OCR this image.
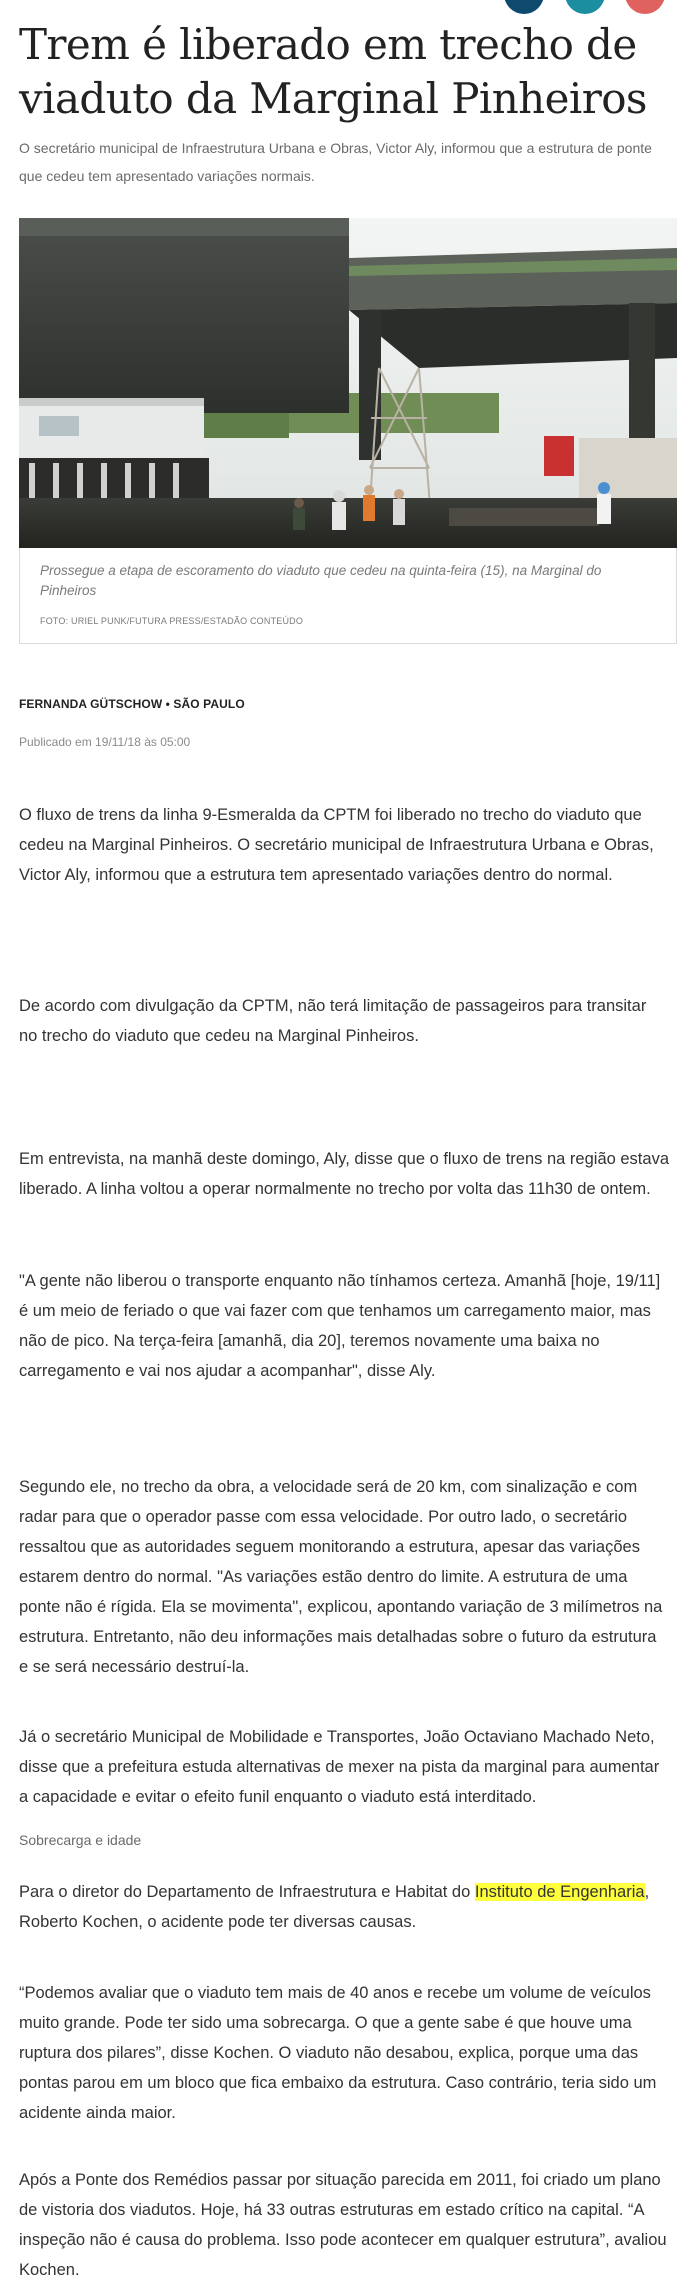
Trem é liberado em trecho de viaduto da Marginal Pinheiros

O secretário municipal de Infraestrutura Urbana e Obras, Victor Aly, informou que a estrutura de ponte que cedeu tem apresentado variações normais.

Prossegue a etapa de escoramento do viaduto que cedeu na quinta-feira (15), na Marginal do Pinheiros

FOTO: URIEL PUNK/FUTURA PRESS/ESTADÃO CONTEÚDO

FERNANDA GÜTSCHOW • SÃO PAULO

Publicado em 19/11/18 às 05:00

O fluxo de trens da linha 9-Esmeralda da CPTM foi liberado no trecho do viaduto que cedeu na Marginal Pinheiros. O secretário municipal de Infraestrutura Urbana e Obras, Victor Aly, informou que a estrutura tem apresentado variações dentro do normal.

De acordo com divulgação da CPTM, não terá limitação de passageiros para transitar no trecho do viaduto que cedeu na Marginal Pinheiros.

Em entrevista, na manhã deste domingo, Aly, disse que o fluxo de trens na região estava liberado. A linha voltou a operar normalmente no trecho por volta das 11h30 de ontem.

"A gente não liberou o transporte enquanto não tínhamos certeza. Amanhã [hoje, 19/11] é um meio de feriado o que vai fazer com que tenhamos um carregamento maior, mas não de pico. Na terça-feira [amanhã, dia 20], teremos novamente uma baixa no carregamento e vai nos ajudar a acompanhar", disse Aly.

Segundo ele, no trecho da obra, a velocidade será de 20 km, com sinalização e com radar para que o operador passe com essa velocidade. Por outro lado, o secretário ressaltou que as autoridades seguem monitorando a estrutura, apesar das variações estarem dentro do normal. "As variações estão dentro do limite. A estrutura de uma ponte não é rígida. Ela se movimenta", explicou, apontando variação de 3 milímetros na estrutura. Entretanto, não deu informações mais detalhadas sobre o futuro da estrutura e se será necessário destruí-la.

Já o secretário Municipal de Mobilidade e Transportes, João Octaviano Machado Neto, disse que a prefeitura estuda alternativas de mexer na pista da marginal para aumentar a capacidade e evitar o efeito funil enquanto o viaduto está interditado.

Sobrecarga e idade

Para o diretor do Departamento de Infraestrutura e Habitat do Instituto de Engenharia, Roberto Kochen, o acidente pode ter diversas causas.

“Podemos avaliar que o viaduto tem mais de 40 anos e recebe um volume de veículos muito grande. Pode ter sido uma sobrecarga. O que a gente sabe é que houve uma ruptura dos pilares”, disse Kochen. O viaduto não desabou, explica, porque uma das pontas parou em um bloco que fica embaixo da estrutura. Caso contrário, teria sido um acidente ainda maior.

Após a Ponte dos Remédios passar por situação parecida em 2011, foi criado um plano de vistoria dos viadutos. Hoje, há 33 outras estruturas em estado crítico na capital. “A inspeção não é causa do problema. Isso pode acontecer em qualquer estrutura”, avaliou Kochen.
